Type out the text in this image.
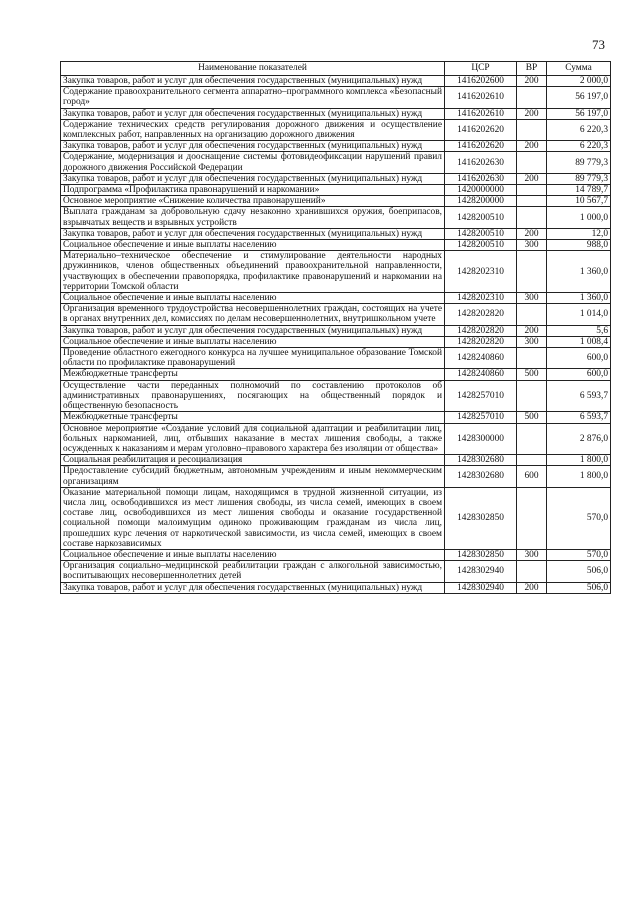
73
Наименование показателей	ЦСР	ВР	Сумма
Закупка товаров, работ и услуг для обеспечения государственных (муниципальных) нужд	1416202600	200	2 000,0
Содержание правоохранительного сегмента аппаратно–программного комплекса «Безопасный город»	1416202610		56 197,0
Закупка товаров, работ и услуг для обеспечения государственных (муниципальных) нужд	1416202610	200	56 197,0
Содержание технических средств регулирования дорожного движения и осуществление комплексных работ, направленных на организацию дорожного движения	1416202620		6 220,3
Закупка товаров, работ и услуг для обеспечения государственных (муниципальных) нужд	1416202620	200	6 220,3
Содержание, модернизация и дооснащение системы фотовидеофиксации нарушений правил дорожного движения Российской Федерации	1416202630		89 779,3
Закупка товаров, работ и услуг для обеспечения государственных (муниципальных) нужд	1416202630	200	89 779,3
Подпрограмма «Профилактика правонарушений и наркомании»	1420000000		14 789,7
Основное мероприятие «Снижение количества правонарушений»	1428200000		10 567,7
Выплата гражданам за добровольную сдачу незаконно хранившихся оружия, боеприпасов, взрывчатых веществ и взрывных устройств	1428200510		1 000,0
Закупка товаров, работ и услуг для обеспечения государственных (муниципальных) нужд	1428200510	200	12,0
Социальное обеспечение и иные выплаты населению	1428200510	300	988,0
Материально–техническое обеспечение и стимулирование деятельности народных дружинников, членов общественных объединений правоохранительной направленности, участвующих в обеспечении правопорядка, профилактике правонарушений и наркомании на территории Томской области	1428202310		1 360,0
Социальное обеспечение и иные выплаты населению	1428202310	300	1 360,0
Организация временного трудоустройства несовершеннолетних граждан, состоящих на учете в органах внутренних дел, комиссиях по делам несовершеннолетних, внутришкольном учете	1428202820		1 014,0
Закупка товаров, работ и услуг для обеспечения государственных (муниципальных) нужд	1428202820	200	5,6
Социальное обеспечение и иные выплаты населению	1428202820	300	1 008,4
Проведение областного ежегодного конкурса на лучшее муниципальное образование Томской области по профилактике правонарушений	1428240860		600,0
Межбюджетные трансферты	1428240860	500	600,0
Осуществление части переданных полномочий по составлению протоколов об административных правонарушениях, посягающих на общественный порядок и общественную безопасность	1428257010		6 593,7
Межбюджетные трансферты	1428257010	500	6 593,7
Основное мероприятие «Создание условий для социальной адаптации и реабилитации лиц, больных наркоманией, лиц, отбывших наказание в местах лишения свободы, а также осужденных к наказаниям и мерам уголовно–правового характера без изоляции от общества»	1428300000		2 876,0
Социальная реабилитация и ресоциализация	1428302680		1 800,0
Предоставление субсидий бюджетным, автономным учреждениям и иным некоммерческим организациям	1428302680	600	1 800,0
Оказание материальной помощи лицам, находящимся в трудной жизненной ситуации, из числа лиц, освободившихся из мест лишения свободы, из числа семей, имеющих в своем составе лиц, освободившихся из мест лишения свободы и оказание государственной социальной помощи малоимущим одиноко проживающим гражданам из числа лиц, прошедших курс лечения от наркотической зависимости, из числа семей, имеющих в своем составе наркозависимых	1428302850		570,0
Социальное обеспечение и иные выплаты населению	1428302850	300	570,0
Организация социально–медицинской реабилитации граждан с алкогольной зависимостью, воспитывающих несовершеннолетних детей	1428302940		506,0
Закупка товаров, работ и услуг для обеспечения государственных (муниципальных) нужд	1428302940	200	506,0
